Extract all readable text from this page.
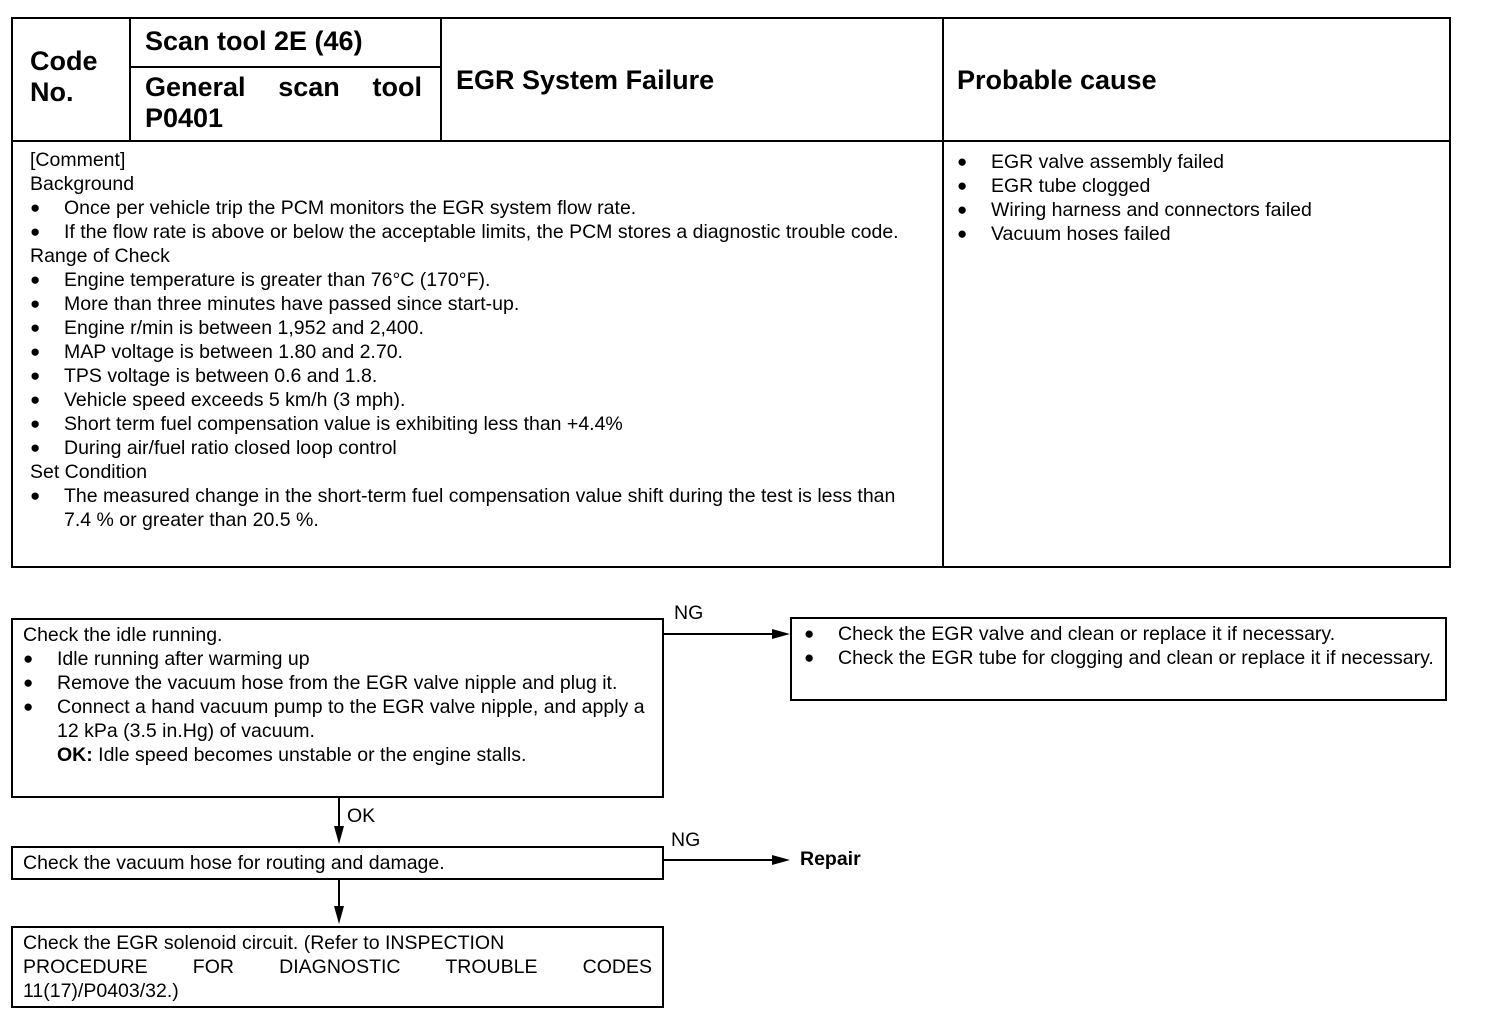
Code No.
Scan tool 2E (46)
General scan tool P0401
EGR System Failure	Probable cause
[Comment]
Background
● Once per vehicle trip the PCM monitors the EGR system flow rate.
● If the flow rate is above or below the acceptable limits, the PCM stores a diagnostic trouble code.
Range of Check
● Engine temperature is greater than 76°C (170°F).
● More than three minutes have passed since start-up.
● Engine r/min is between 1,952 and 2,400.
● MAP voltage is between 1.80 and 2.70.
● TPS voltage is between 0.6 and 1.8.
● Vehicle speed exceeds 5 km/h (3 mph).
● Short term fuel compensation value is exhibiting less than +4.4%
● During air/fuel ratio closed loop control
Set Condition
● The measured change in the short-term fuel compensation value shift during the test is less than 7.4 % or greater than 20.5 %.
● EGR valve assembly failed
● EGR tube clogged
● Wiring harness and connectors failed
● Vacuum hoses failed
Check the idle running.
● Idle running after warming up
● Remove the vacuum hose from the EGR valve nipple and plug it.
● Connect a hand vacuum pump to the EGR valve nipple, and apply a 12 kPa (3.5 in.Hg) of vacuum.
OK: Idle speed becomes unstable or the engine stalls.
NG
● Check the EGR valve and clean or replace it if necessary.
● Check the EGR tube for clogging and clean or replace it if necessary.
OK
Check the vacuum hose for routing and damage.
NG
Repair
Check the EGR solenoid circuit. (Refer to INSPECTION
PROCEDURE FOR DIAGNOSTIC TROUBLE CODES
11(17)/P0403/32.)
